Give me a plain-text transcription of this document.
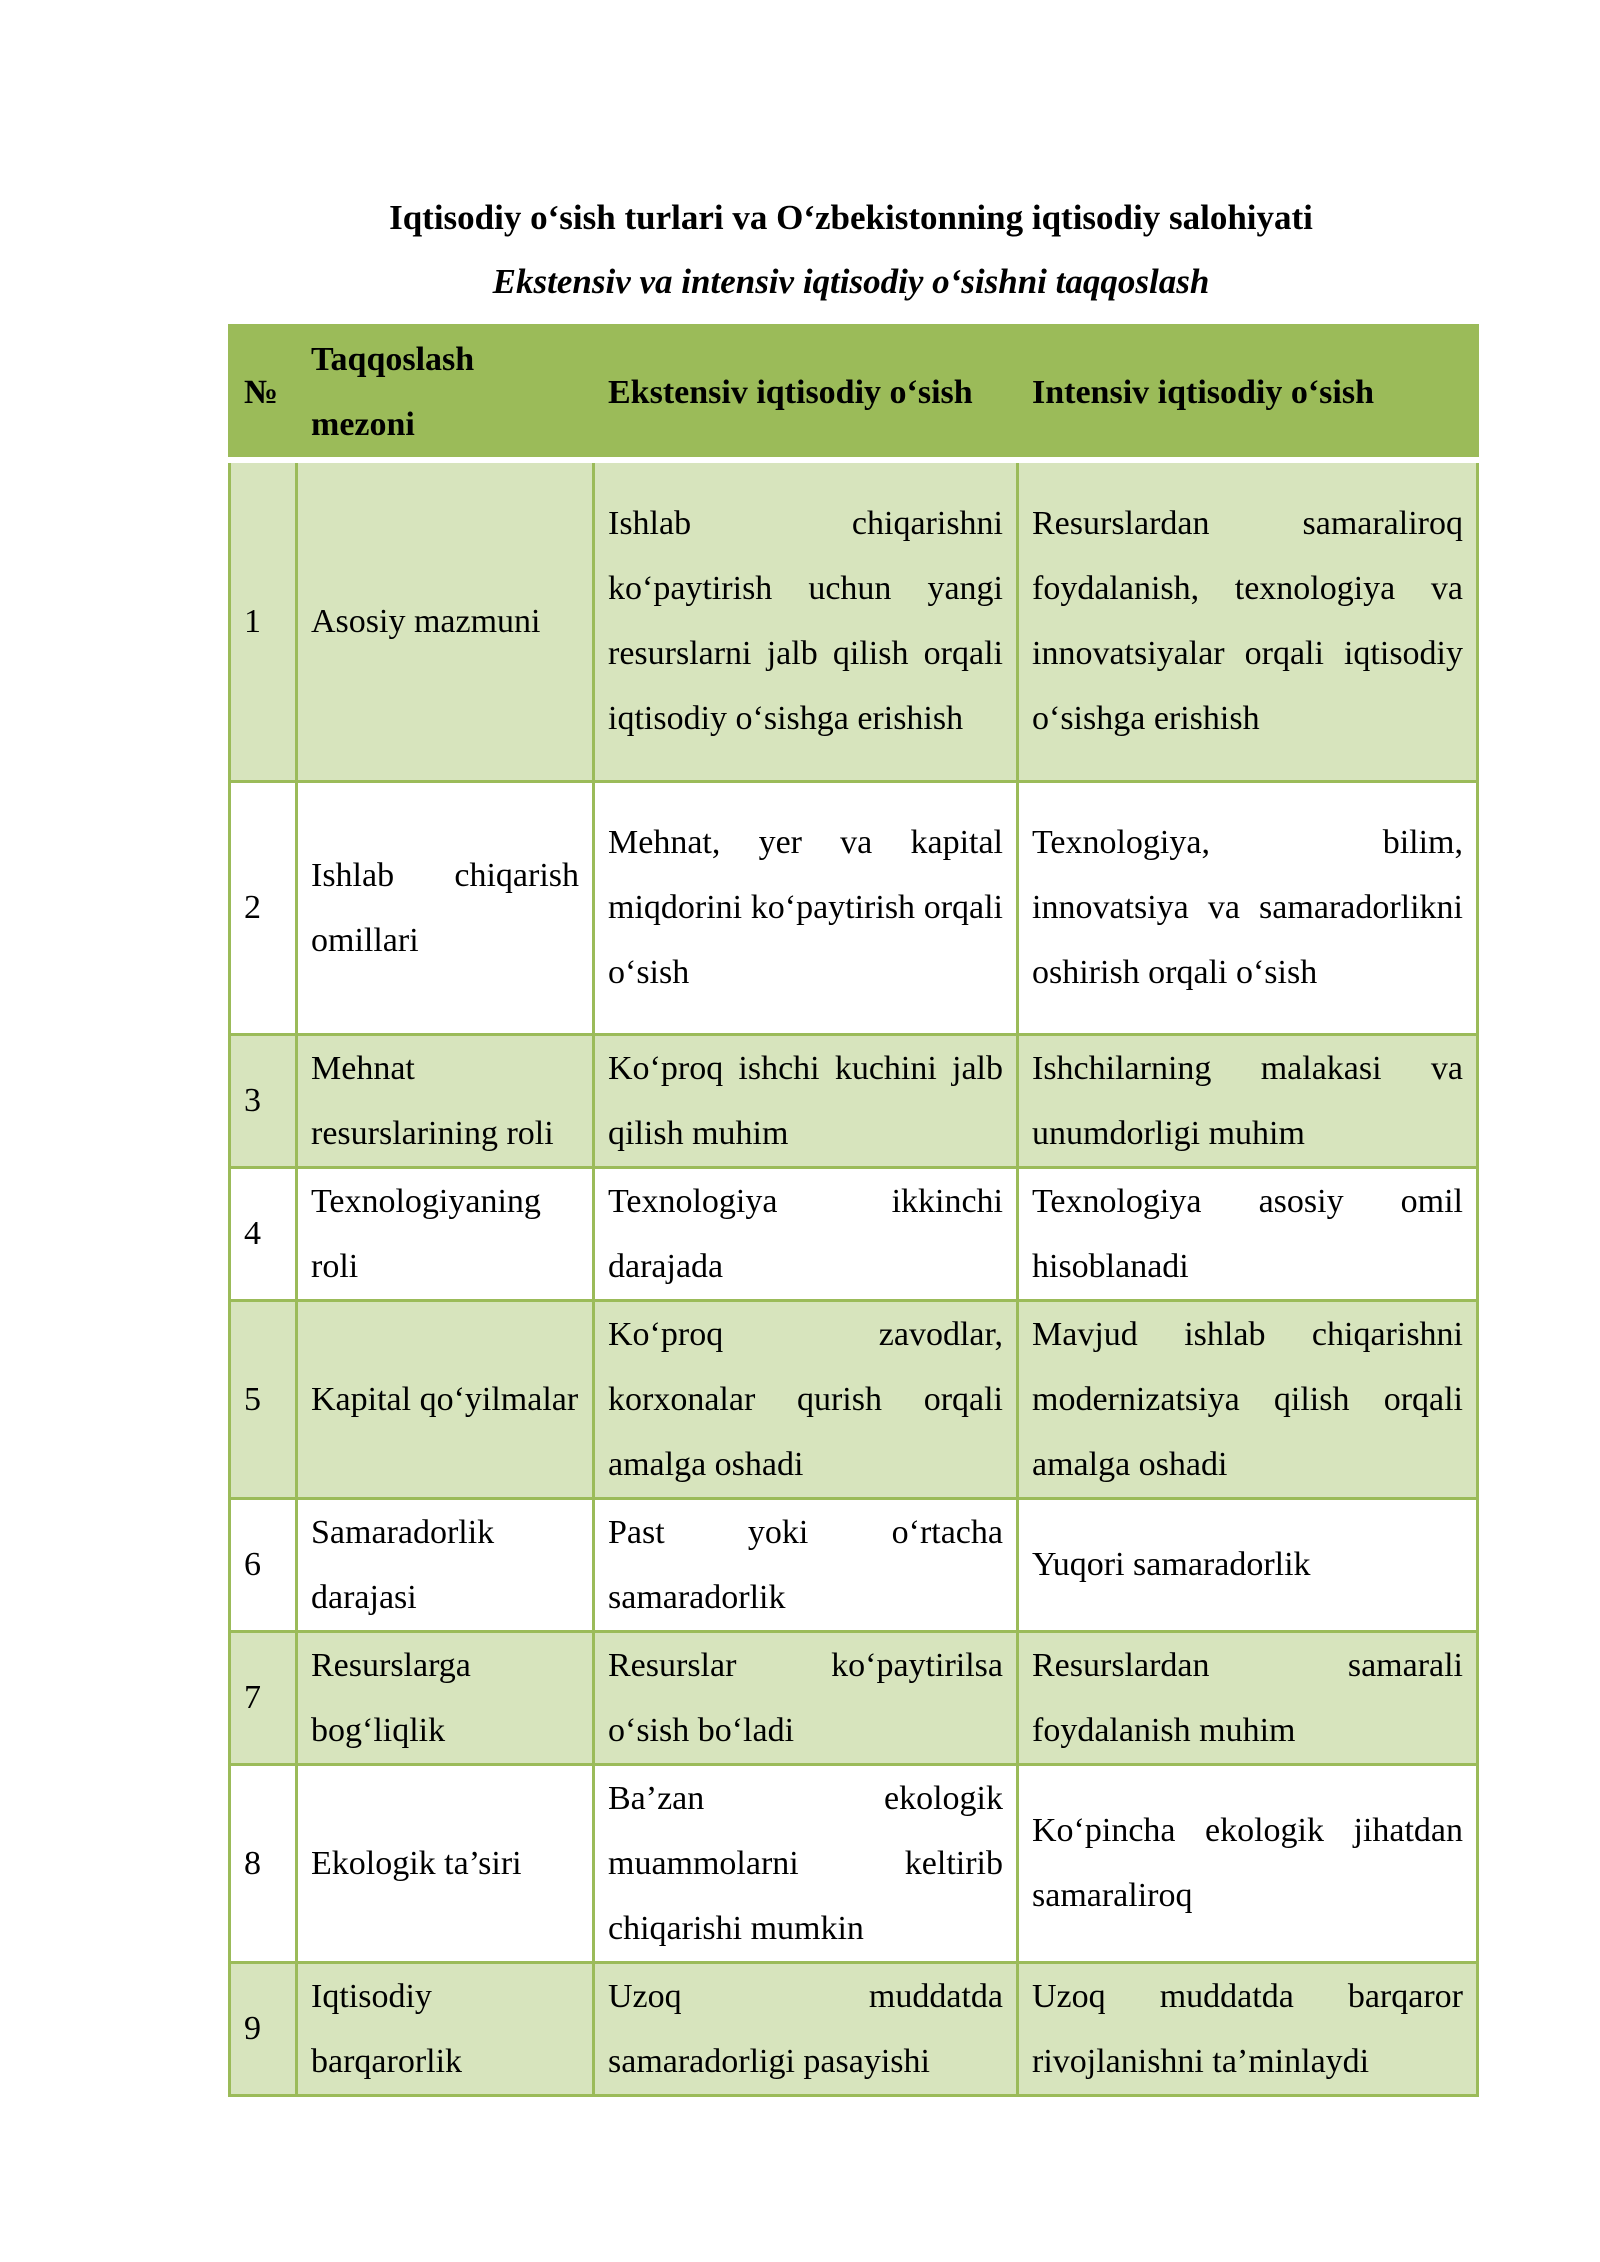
Iqtisodiy o‘sish turlari va O‘zbekistonning iqtisodiy salohiyati
Ekstensiv va intensiv iqtisodiy o‘sishni taqqoslash
№	Taqqoslash mezoni	Ekstensiv iqtisodiy o‘sish	Intensiv iqtisodiy o‘sish
1	Asosiy mazmuni	Ishlab chiqarishni ko‘paytirish uchun yangi resurslarni jalb qilish orqali iqtisodiy o‘sishga erishish	Resurslardan samaraliroq foydalanish, texnologiya va innovatsiyalar orqali iqtisodiy o‘sishga erishish
2	Ishlab chiqarish omillari	Mehnat, yer va kapital miqdorini ko‘paytirish orqali o‘sish	Texnologiya, bilim, innovatsiya va samaradorlikni oshirish orqali o‘sish
3	Mehnat resurslarining roli	Ko‘proq ishchi kuchini jalb qilish muhim	Ishchilarning malakasi va unumdorligi muhim
4	Texnologiyaning roli	Texnologiya ikkinchi darajada	Texnologiya asosiy omil hisoblanadi
5	Kapital qo‘yilmalar	Ko‘proq zavodlar, korxonalar qurish orqali amalga oshadi	Mavjud ishlab chiqarishni modernizatsiya qilish orqali amalga oshadi
6	Samaradorlik darajasi	Past yoki o‘rtacha samaradorlik	Yuqori samaradorlik
7	Resurslarga bog‘liqlik	Resurslar ko‘paytirilsa o‘sish bo‘ladi	Resurslardan samarali foydalanish muhim
8	Ekologik ta’siri	Ba’zan ekologik muammolarni keltirib chiqarishi mumkin	Ko‘pincha ekologik jihatdan samaraliroq
9	Iqtisodiy barqarorlik	Uzoq muddatda samaradorligi pasayishi	Uzoq muddatda barqaror rivojlanishni ta’minlaydi
